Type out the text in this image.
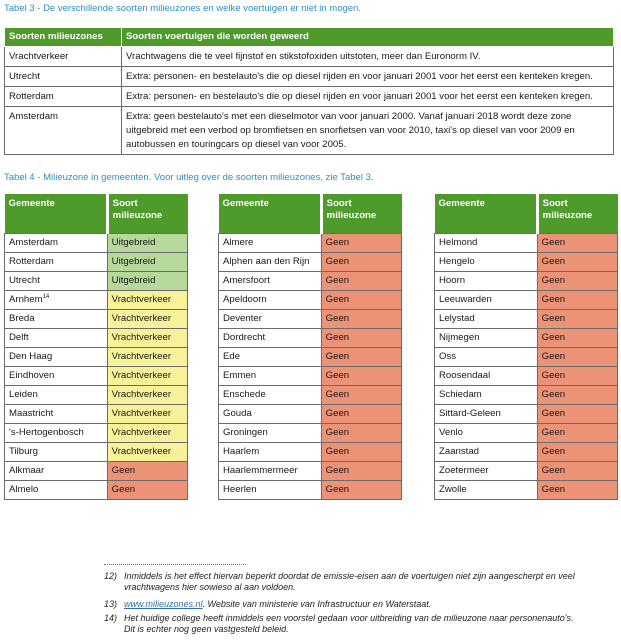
Tabel 3 - De verschillende soorten milieuzones en welke voertuigen er niet in mogen.
Soorten milieuzones	Soorten voertuigen die worden geweerd
Vrachtverkeer	Vrachtwagens die te veel fijnstof en stikstofoxiden uitstoten, meer dan Euronorm IV.

Utrecht	Extra: personen- en bestelauto's die op diesel rijden en voor januari 2001 voor het eerst een kenteken kregen.

Rotterdam	Extra: personen- en bestelauto's die op diesel rijden en voor januari 2001 voor het eerst een kenteken kregen.

Amsterdam	Extra: geen bestelauto's met een dieselmotor van voor januari 2000. Vanaf januari 2018 wordt deze zone
uitgebreid met een verbod op bromfietsen en snorfietsen van voor 2010, taxi's op diesel van voor 2009 en
autobussen en touringcars op diesel van voor 2005.
Tabel 4 - Milieuzone in gemeenten. Voor uitleg over de soorten milieuzones, zie Tabel 3.
Gemeente	Soort
milieuzone

Amsterdam	Uitgebreid
Rotterdam	Uitgebreid
Utrecht	Uitgebreid
Arnhem$^{14}$	Vrachtverkeer
Breda	Vrachtverkeer
Delft	Vrachtverkeer
Den Haag	Vrachtverkeer
Eindhoven	Vrachtverkeer
Leiden	Vrachtverkeer
Maastricht	Vrachtverkeer
's-Hertogenbosch	Vrachtverkeer
Tilburg	Vrachtverkeer
Alkmaar	Geen
Almelo	Geen
Gemeente	Soort
milieuzone

Almere	Geen
Alphen aan den Rijn	Geen
Amersfoort	Geen
Apeldoorn	Geen
Deventer	Geen
Dordrecht	Geen
Ede	Geen
Emmen	Geen
Enschede	Geen
Gouda	Geen
Groningen	Geen
Haarlem	Geen
Haarlemmermeer	Geen
Heerlen	Geen
Gemeente	Soort
milieuzone

Helmond	Geen
Hengelo	Geen
Hoorn	Geen
Leeuwarden	Geen
Lelystad	Geen
Nijmegen	Geen
Oss	Geen
Roosendaal	Geen
Schiedam	Geen
Sittard-Geleen	Geen
Venlo	Geen
Zaanstad	Geen
Zoetermeer	Geen
Zwolle	Geen
12) Inmiddels is het effect hiervan beperkt doordat de emissie-eisen aan de voertuigen niet zijn aangescherpt en veel
vrachtwagens hier sowieso al aan voldoen.
13) www.milieuzones.nl. Website van ministerie van Infrastructuur en Waterstaat.
14) Het huidige college heeft inmiddels een voorstel gedaan voor uitbreiding van de milieuzone naar personenauto's.
Dit is echter nog geen vastgesteld beleid.
